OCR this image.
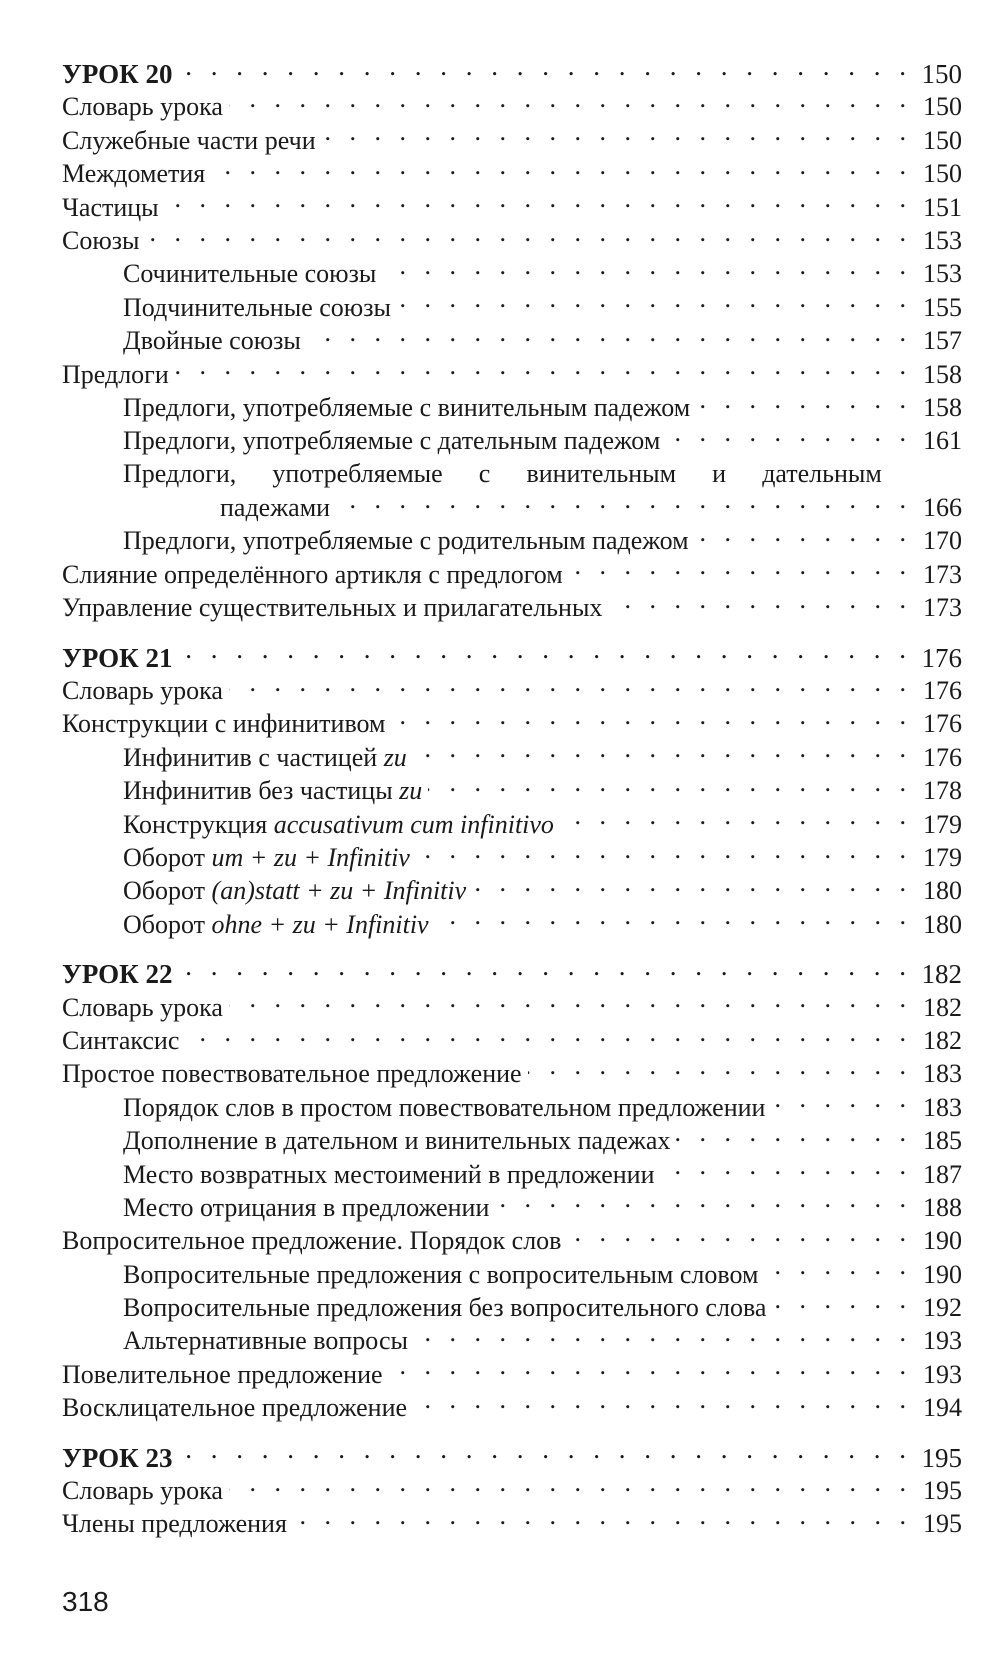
УРОК 20 . . .	150
Словарь урока . . .	150
Служебные части речи . . .	150
Междометия . . .	150
Частицы . . .	151
Союзы . . .	153
Сочинительные союзы . . .	153
Подчинительные союзы . . .	155
Двойные союзы . . .	157
Предлоги . . .	158
Предлоги, употребляемые с винительным падежом . . .	158
Предлоги, употребляемые с дательным падежом . . .	161
Предлоги, употребляемые с винительным и дательным
падежами . . .	166
Предлоги, употребляемые с родительным падежом . . .	170
Слияние определённого артикля с предлогом . . .	173
Управление существительных и прилагательных . . .	173
УРОК 21 . . .	176
Словарь урока . . .	176
Конструкции с инфинитивом . . .	176
Инфинитив с частицей zu . . .	176
Инфинитив без частицы zu . . .	178
Конструкция accusativum cum infinitivo . . .	179
Оборот um + zu + Infinitiv . . .	179
Оборот (an)statt + zu + Infinitiv . . .	180
Оборот ohne + zu + Infinitiv . . .	180
УРОК 22 . . .	182
Словарь урока . . .	182
Синтаксис . . .	182
Простое повествовательное предложение . . .	183
Порядок слов в простом повествовательном предложении . . .	183
Дополнение в дательном и винительных падежах . . .	185
Место возвратных местоимений в предложении . . .	187
Место отрицания в предложении . . .	188
Вопросительное предложение. Порядок слов . . .	190
Вопросительные предложения с вопросительным словом . . .	190
Вопросительные предложения без вопросительного слова . . .	192
Альтернативные вопросы . . .	193
Повелительное предложение . . .	193
Восклицательное предложение . . .	194
УРОК 23 . . .	195
Словарь урока . . .	195
Члены предложения . . .	195
318
